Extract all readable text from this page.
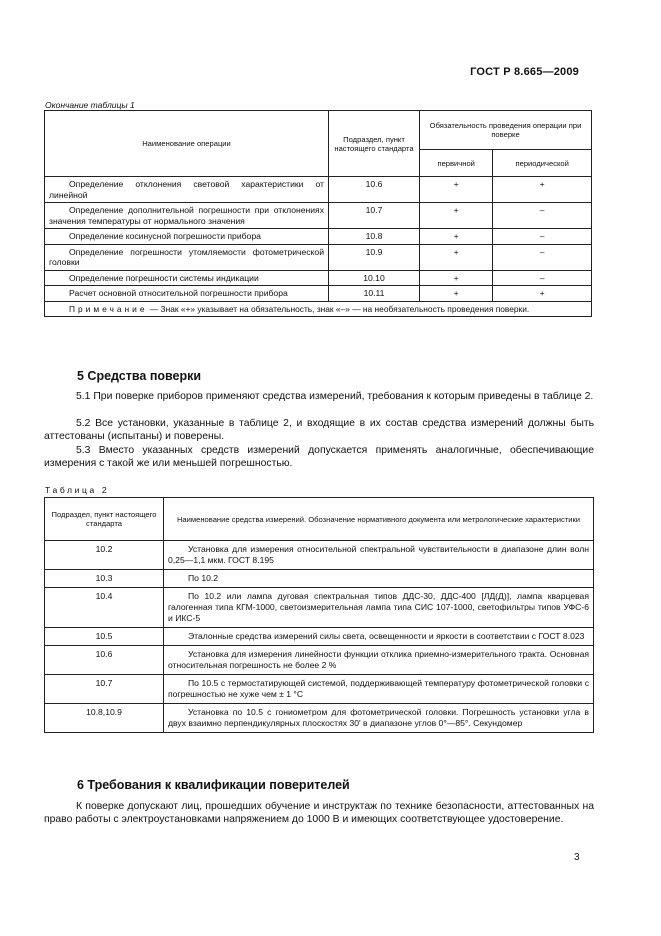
ГОСТ Р 8.665—2009
Окончание таблицы 1
Наименование операции	Подраздел, пункт настоящего стандарта	Обязательность проведения операции при поверке	
		первичной	периодической
Определение отклонения световой характеристики от линейной	10.6	+	+
Определение дополнительной погрешности при отклонениях значения температуры от нормального значения	10.7	+	–
Определение косинусной погрешности прибора	10.8	+	–
Определение погрешности утомляемости фотометрической головки	10.9	+	–
Определение погрешности системы индикации	10.10	+	–
Расчет основной относительной погрешности прибора	10.11	+	+
Примечание — Знак «+» указывает на обязательность, знак «–» — на необязательность проведения поверки.			
5 Средства поверки
5.1 При поверке приборов применяют средства измерений, требования к которым приведены в таблице 2.
5.2 Все установки, указанные в таблице 2, и входящие в их состав средства измерений должны быть аттестованы (испытаны) и поверены.
5.3 Вместо указанных средств измерений допускается применять аналогичные, обеспечивающие измерения с такой же или меньшей погрешностью.
Таблица 2
Подраздел, пункт настоящего стандарта	Наименование средства измерений. Обозначение нормативного документа или метрологические характеристики
10.2	Установка для измерения относительной спектральной чувствительности в диапазоне длин волн 0,25—1,1 мкм. ГОСТ 8.195
10.3	По 10.2
10.4	По 10.2 или лампа дуговая спектральная типов ДДС-30, ДДС-400 [ЛД(Д)], лампа кварцевая галогенная типа КГМ-1000, светоизмерительная лампа типа СИС 107-1000, светофильтры типов УФС-6 и ИКС-5
10.5	Эталонные средства измерений силы света, освещенности и яркости в соответствии с ГОСТ 8.023
10.6	Установка для измерения линейности функции отклика приемно-измерительного тракта. Основная относительная погрешность не более 2 %
10.7	По 10.5 с термостатирующей системой, поддерживающей температуру фотометрической головки с погрешностью не хуже чем ± 1 °С
10.8,10.9	Установка по 10.5 с гониометром для фотометрической головки. Погрешность установки угла в двух взаимно перпендикулярных плоскостях 30' в диапазоне углов 0°—85°. Секундомер
6 Требования к квалификации поверителей
К поверке допускают лиц, прошедших обучение и инструктаж по технике безопасности, аттестованных на право работы с электроустановками напряжением до 1000 В и имеющих соответствующее удостоверение.
3
